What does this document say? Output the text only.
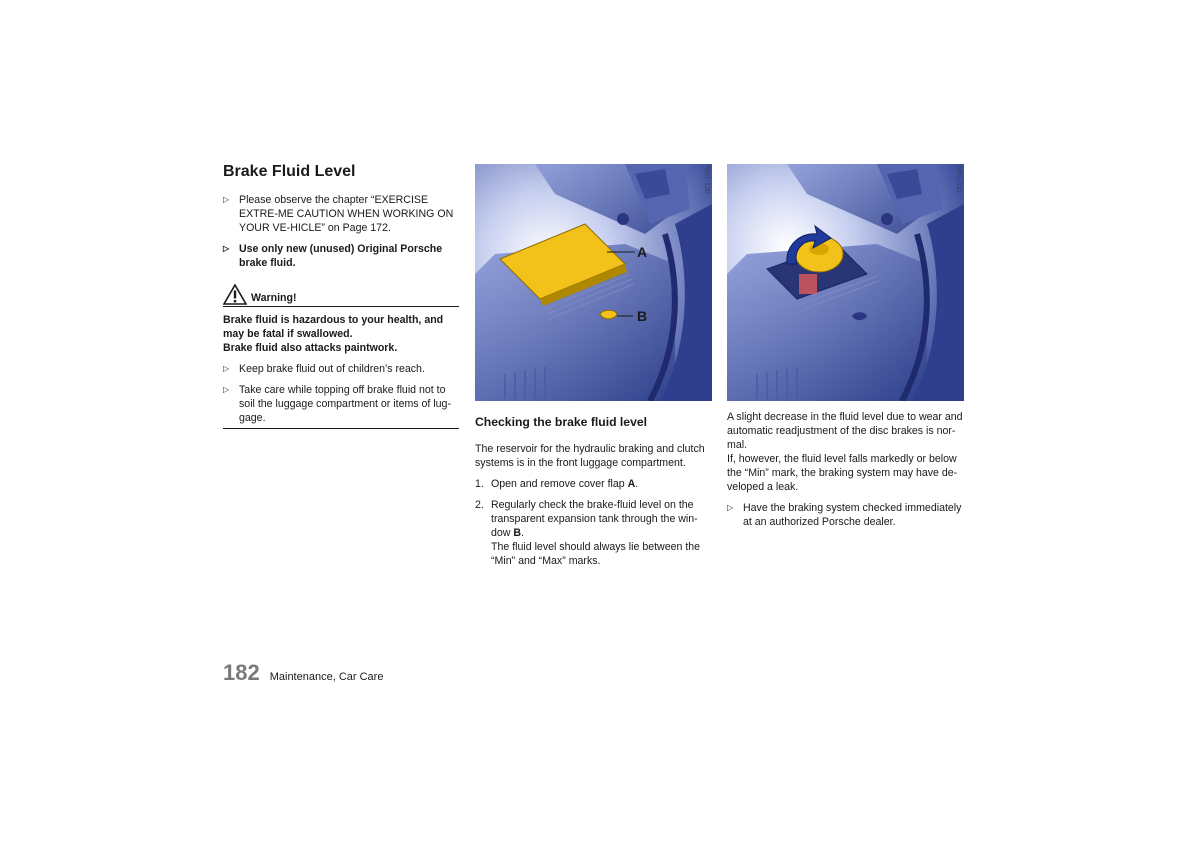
Brake Fluid Level
▷ Please observe the chapter “EXERCISE EXTRE-ME CAUTION WHEN WORKING ON YOUR VE-HICLE” on Page 172.
▷ Use only new (unused) Original Porsche brake fluid.
Warning!
Brake fluid is hazardous to your health, and may be fatal if swallowed.
Brake fluid also attacks paintwork.
▷ Keep brake fluid out of children’s reach.
▷ Take care while topping off brake fluid not to soil the luggage compartment or items of lug-gage.
A
B
M51-130	M51-131
Checking the brake fluid level

The reservoir for the hydraulic braking and clutch systems is in the front luggage compartment.

1. Open and remove cover flap A.
2. Regularly check the brake-fluid level on the transparent expansion tank through the win-dow B.
The fluid level should always lie between the “Min” and “Max” marks.
A slight decrease in the fluid level due to wear and automatic readjustment of the disc brakes is nor-mal.

If, however, the fluid level falls markedly or below the “Min” mark, the braking system may have de-veloped a leak.

▷ Have the braking system checked immediately at an authorized Porsche dealer.
182 Maintenance, Car Care
